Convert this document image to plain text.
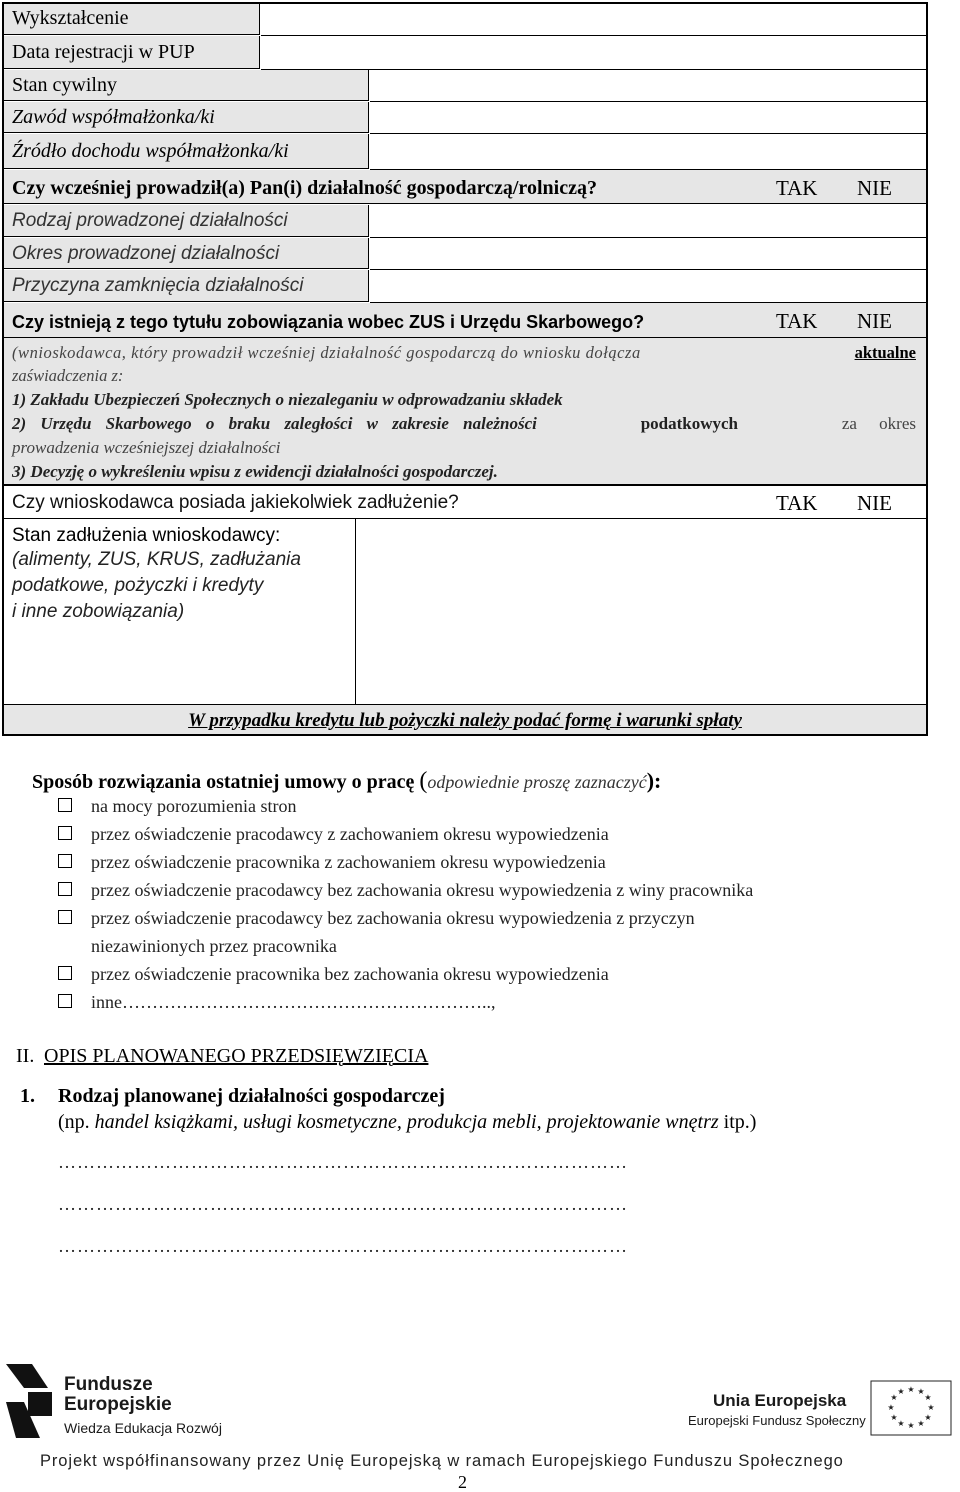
Wykształcenie
Data rejestracji w PUP
Stan cywilny
Zawód współmałżonka/ki
Źródło dochodu współmałżonka/ki
Czy wcześniej prowadził(a) Pan(i) działalność gospodarczą/rolniczą?	TAK NIE
Rodzaj prowadzonej działalności
Okres prowadzonej działalności
Przyczyna zamknięcia działalności
Czy istnieją z tego tytułu zobowiązania wobec ZUS i Urzędu Skarbowego?	TAK NIE
(wnioskodawca, który prowadził wcześniej działalność gospodarczą do wniosku dołącza	aktualne
zaświadczenia z:
1) Zakładu Ubezpieczeń Społecznych o niezaleganiu w odprowadzaniu składek
2) Urzędu Skarbowego o braku zaległości w zakresie należności	podatkowych	za okres
prowadzenia wcześniejszej działalności
3) Decyzję o wykreśleniu wpisu z ewidencji działalności gospodarczej.
Czy wnioskodawca posiada jakiekolwiek zadłużenie?	TAK NIE
Stan zadłużenia wnioskodawcy:
(alimenty, ZUS, KRUS, zadłużania
podatkowe, pożyczki i kredyty
i inne zobowiązania)
W przypadku kredytu lub pożyczki należy podać formę i warunki spłaty
Sposób rozwiązania ostatniej umowy o pracę (odpowiednie proszę zaznaczyć):
na mocy porozumienia stron
przez oświadczenie pracodawcy z zachowaniem okresu wypowiedzenia
przez oświadczenie pracownika z zachowaniem okresu wypowiedzenia
przez oświadczenie pracodawcy bez zachowania okresu wypowiedzenia z winy pracownika
przez oświadczenie pracodawcy bez zachowania okresu wypowiedzenia z przyczyn
niezawinionych przez pracownika
przez oświadczenie pracownika bez zachowania okresu wypowiedzenia
inne……………………………………………………..,
II. OPIS PLANOWANEGO PRZEDSIĘWZIĘCIA
1. Rodzaj planowanej działalności gospodarczej
(np. handel książkami, usługi kosmetyczne, produkcja mebli, projektowanie wnętrz itp.)
………………………………………………………………………………
………………………………………………………………………………
………………………………………………………………………………
Fundusze
Europejskie
Wiedza Edukacja Rozwój
Unia Europejska
Europejski Fundusz Społeczny
★ ★
★
★
★
★
★
★
★
★
★
★
Projekt współfinansowany przez Unię Europejską w ramach Europejskiego Funduszu Społecznego
2
